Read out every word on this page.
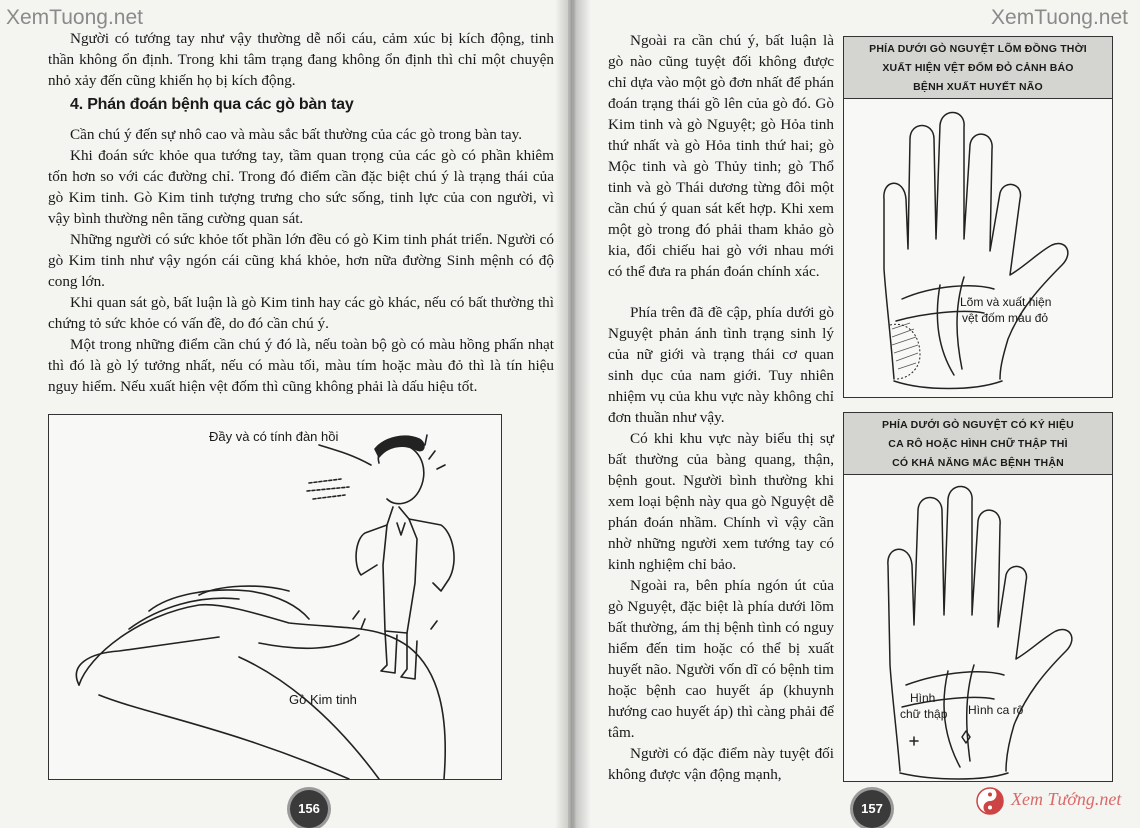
XemTuong.net	XemTuong.net

Người có tướng tay như vậy thường dễ nổi cáu, cảm xúc bị kích động, tinh thần không ổn định. Trong khi tâm trạng đang không ổn định thì chỉ một chuyện nhỏ xảy đến cũng khiến họ bị kích động.

4. Phán đoán bệnh qua các gò bàn tay

Cần chú ý đến sự nhô cao và màu sắc bất thường của các gò trong bàn tay.

Khi đoán sức khỏe qua tướng tay, tầm quan trọng của các gò có phần khiêm tốn hơn so với các đường chỉ. Trong đó điểm cần đặc biệt chú ý là trạng thái của gò Kim tinh. Gò Kim tinh tượng trưng cho sức sống, tinh lực của con người, vì vậy bình thường nên tăng cường quan sát.

Những người có sức khỏe tốt phần lớn đều có gò Kim tinh phát triển. Người có gò Kim tinh như vậy ngón cái cũng khá khỏe, hơn nữa đường Sinh mệnh có độ cong lớn.

Khi quan sát gò, bất luận là gò Kim tinh hay các gò khác, nếu có bất thường thì chứng tỏ sức khỏe có vấn đề, do đó cần chú ý.

Một trong những điểm cần chú ý đó là, nếu toàn bộ gò có màu hồng phấn nhạt thì đó là gò lý tưởng nhất, nếu có màu tối, màu tím hoặc màu đỏ thì là tín hiệu nguy hiểm. Nếu xuất hiện vệt đốm thì cũng không phải là dấu hiệu tốt.

Đầy và có tính đàn hồi
Gò Kim tinh
156

Ngoài ra cần chú ý, bất luận là gò nào cũng tuyệt đối không được chỉ dựa vào một gò đơn nhất để phán đoán trạng thái gồ lên của gò đó. Gò Kim tinh và gò Nguyệt; gò Hỏa tinh thứ nhất và gò Hỏa tinh thứ hai; gò Mộc tinh và gò Thủy tinh; gò Thổ tinh và gò Thái dương từng đôi một cần chú ý quan sát kết hợp. Khi xem một gò trong đó phải tham khảo gò kia, đối chiếu hai gò với nhau mới có thể đưa ra phán đoán chính xác.

Phía trên đã đề cập, phía dưới gò Nguyệt phản ánh tình trạng sinh lý của nữ giới và trạng thái cơ quan sinh dục của nam giới. Tuy nhiên nhiệm vụ của khu vực này không chỉ đơn thuần như vậy.

Có khi khu vực này biểu thị sự bất thường của bàng quang, thận, bệnh gout. Người bình thường khi xem loại bệnh này qua gò Nguyệt dễ phán đoán nhầm. Chính vì vậy cần nhờ những người xem tướng tay có kinh nghiệm chỉ bảo.

Ngoài ra, bên phía ngón út của gò Nguyệt, đặc biệt là phía dưới lõm bất thường, ám thị bệnh tình có nguy hiểm đến tim hoặc có thể bị xuất huyết não. Người vốn dĩ có bệnh tim hoặc bệnh cao huyết áp (khuynh hướng cao huyết áp) thì càng phải để tâm.

Người có đặc điểm này tuyệt đối không được vận động mạnh,

PHÍA DƯỚI GÒ NGUYỆT LÕM ĐỒNG THỜI
XUẤT HIỆN VỆT ĐỐM ĐỎ CẢNH BÁO
BỆNH XUẤT HUYẾT NÃO
Lõm và xuất hiện
vệt đốm màu đỏ
PHÍA DƯỚI GÒ NGUYỆT CÓ KÝ HIỆU
CA RÔ HOẶC HÌNH CHỮ THẬP THÌ
CÓ KHẢ NĂNG MẮC BỆNH THẬN
Hình
chữ thập Hình ca rô
157	Xem Tướng.net
